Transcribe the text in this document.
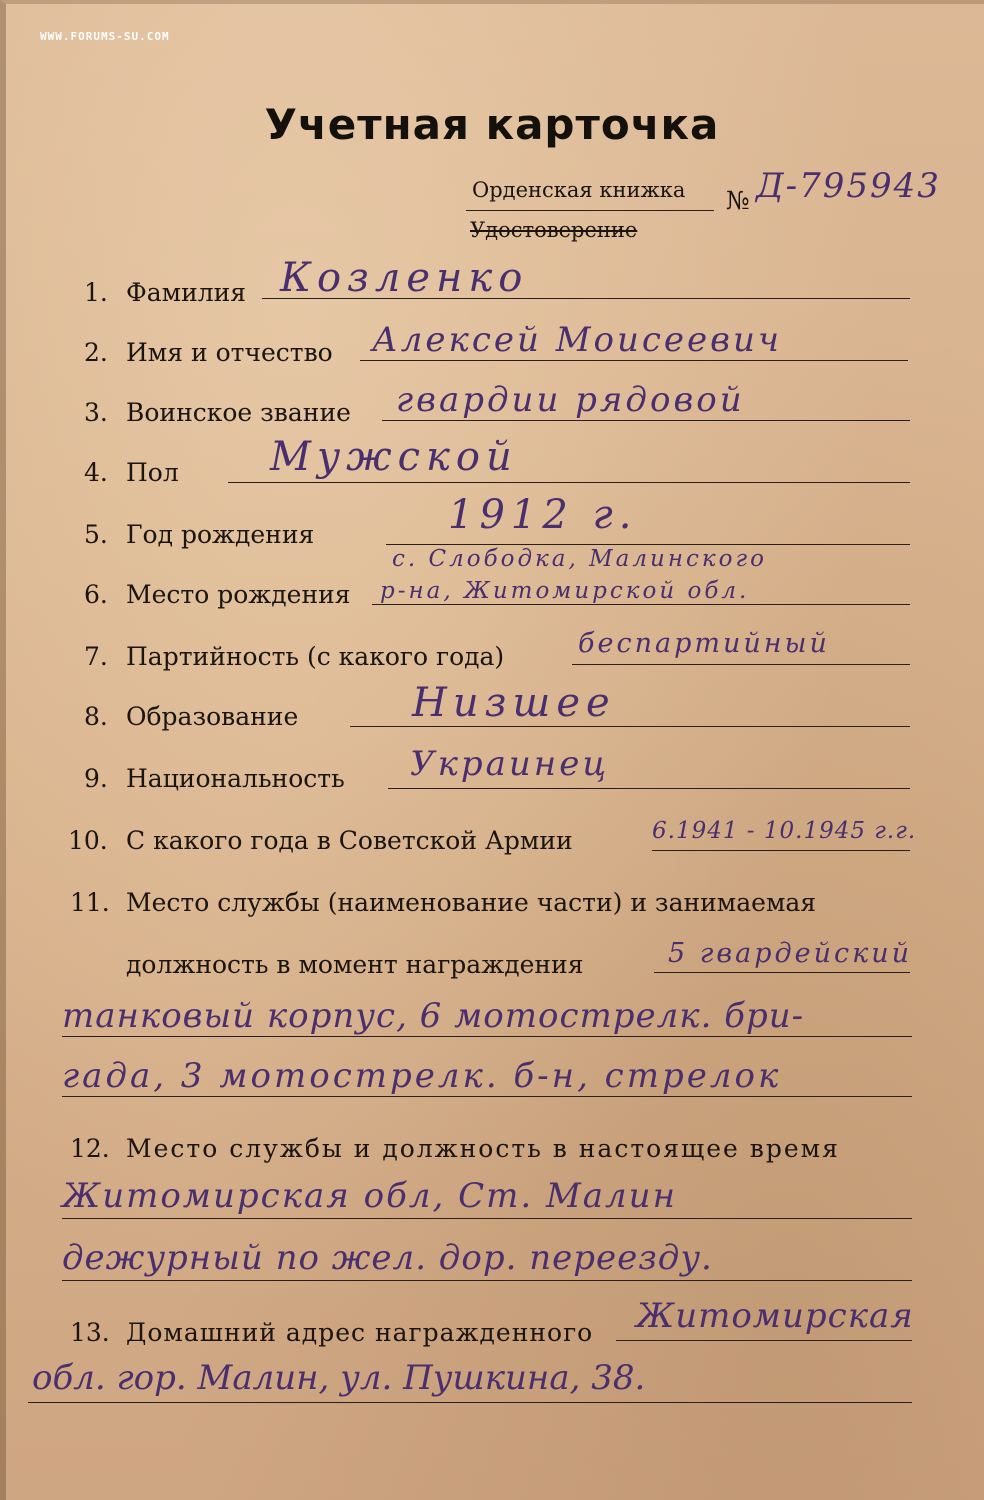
WWW.FORUMS-SU.COM
Учетная карточка
Орденская книжка
Удостоверение
№ Д-795943
1. Фамилия Козленко
2. Имя и отчество Алексей Моисеевич
3. Воинское звание гвардии рядовой
4. Пол Мужской
5. Год рождения	1912 г.
6. Место рождения
с. Слободка, Малинского
р-на, Житомирской обл.
7. Партийность (с какого года)	беспартийный
8. Образование	Низшее
9. Национальность Украинец
10. С какого года в Советской Армии	6.1941 - 10.1945 г.г.
11. Место службы (наименование части) и занимаемая
должность в момент награждения	5 гвардейский
танковый корпус, 6 мотострелк. бри-
гада, 3 мотострелк. б-н, стрелок
12. Место службы и должность в настоящее время
Житомирская обл, Ст. Малин
дежурный по жел. дор. переезду.
13. Домашний адрес награжденного Житомирская
обл. гор. Малин, ул. Пушкина, 38.
